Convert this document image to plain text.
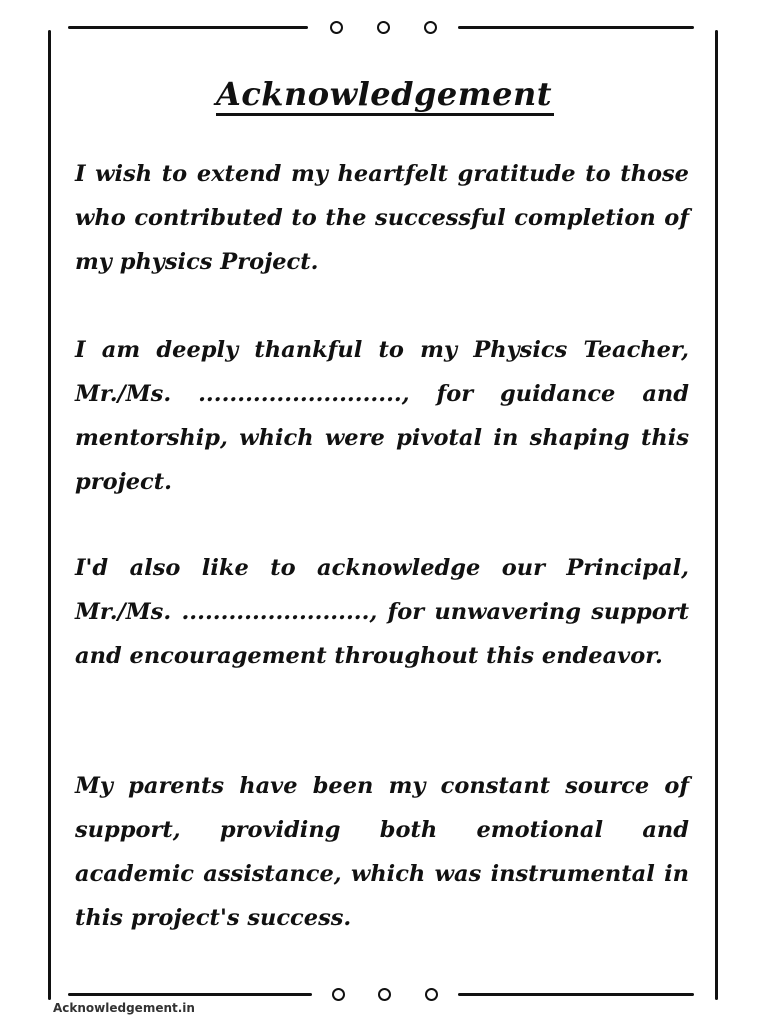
Acknowledgement

I wish to extend my heartfelt gratitude to those who contributed to the successful completion of my physics Project.

I am deeply thankful to my Physics Teacher, Mr./Ms. .........................., for guidance and mentorship, which were pivotal in shaping this project.

I'd also like to acknowledge our Principal, Mr./Ms. ........................, for unwavering support and encouragement throughout this endeavor.

My parents have been my constant source of support, providing both emotional and academic assistance, which was instrumental in this project's success.

Acknowledgement.in
